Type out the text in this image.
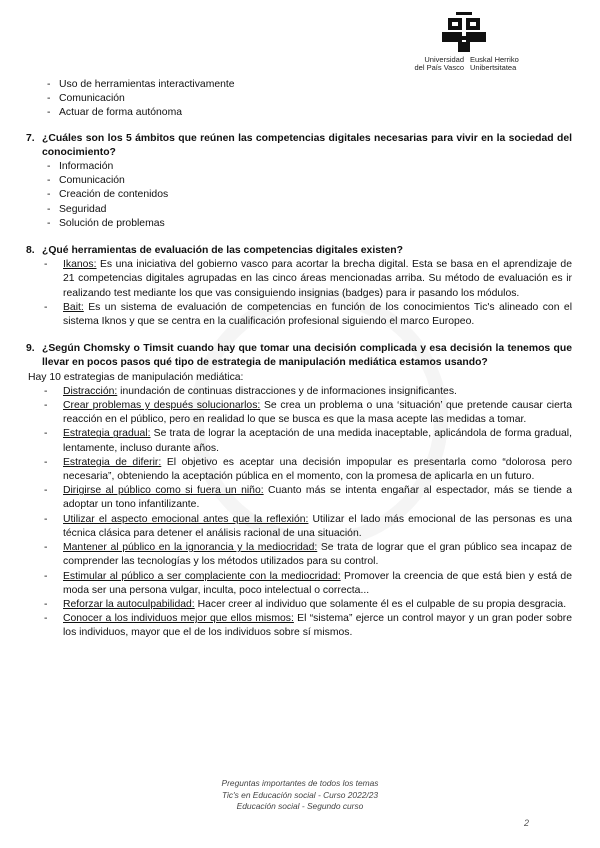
Universidad
del País Vasco
Euskal Herriko
Unibertsitatea
- Uso de herramientas interactivamente
- Comunicación
- Actuar de forma autónoma
7. ¿Cuáles son los 5 ámbitos que reúnen las competencias digitales necesarias para vivir en la sociedad del conocimiento?
- Información
- Comunicación
- Creación de contenidos
- Seguridad
- Solución de problemas
8. ¿Qué herramientas de evaluación de las competencias digitales existen?
- Ikanos: Es una iniciativa del gobierno vasco para acortar la brecha digital. Esta se basa en el aprendizaje de 21 competencias digitales agrupadas en las cinco áreas mencionadas arriba. Su método de evaluación es ir realizando test mediante los que vas consiguiendo insignias (badges) para ir pasando los módulos.
- Bait: Es un sistema de evaluación de competencias en función de los conocimientos Tic's alineado con el sistema Iknos y que se centra en la cualificación profesional siguiendo el marco Europeo.
9. ¿Según Chomsky o Timsit cuando hay que tomar una decisión complicada y esa decisión la tenemos que llevar en pocos pasos qué tipo de estrategia de manipulación mediática estamos usando?
Hay 10 estrategias de manipulación mediática:
- Distracción: inundación de continuas distracciones y de informaciones insignificantes.
- Crear problemas y después solucionarlos: Se crea un problema o una ‘situación’ que pretende causar cierta reacción en el público, pero en realidad lo que se busca es que la masa acepte las medidas a tomar.
- Estrategia gradual: Se trata de lograr la aceptación de una medida inaceptable, aplicándola de forma gradual, lentamente, incluso durante años.
- Estrategia de diferir: El objetivo es aceptar una decisión impopular es presentarla como “dolorosa pero necesaria”, obteniendo la aceptación pública en el momento, con la promesa de aplicarla en un futuro.
- Dirigirse al público como si fuera un niño: Cuanto más se intenta engañar al espectador, más se tiende a adoptar un tono infantilizante.
- Utilizar el aspecto emocional antes que la reflexión: Utilizar el lado más emocional de las personas es una técnica clásica para detener el análisis racional de una situación.
- Mantener al público en la ignorancia y la mediocridad: Se trata de lograr que el gran público sea incapaz de comprender las tecnologías y los métodos utilizados para su control.
- Estimular al público a ser complaciente con la mediocridad: Promover la creencia de que está bien y está de moda ser una persona vulgar, inculta, poco intelectual o correcta...
- Reforzar la autoculpabilidad: Hacer creer al individuo que solamente él es el culpable de su propia desgracia.
- Conocer a los individuos mejor que ellos mismos: El “sistema” ejerce un control mayor y un gran poder sobre los individuos, mayor que el de los individuos sobre sí mismos.
Preguntas importantes de todos los temas
Tic's en Educación social - Curso 2022/23
Educación social - Segundo curso
2
